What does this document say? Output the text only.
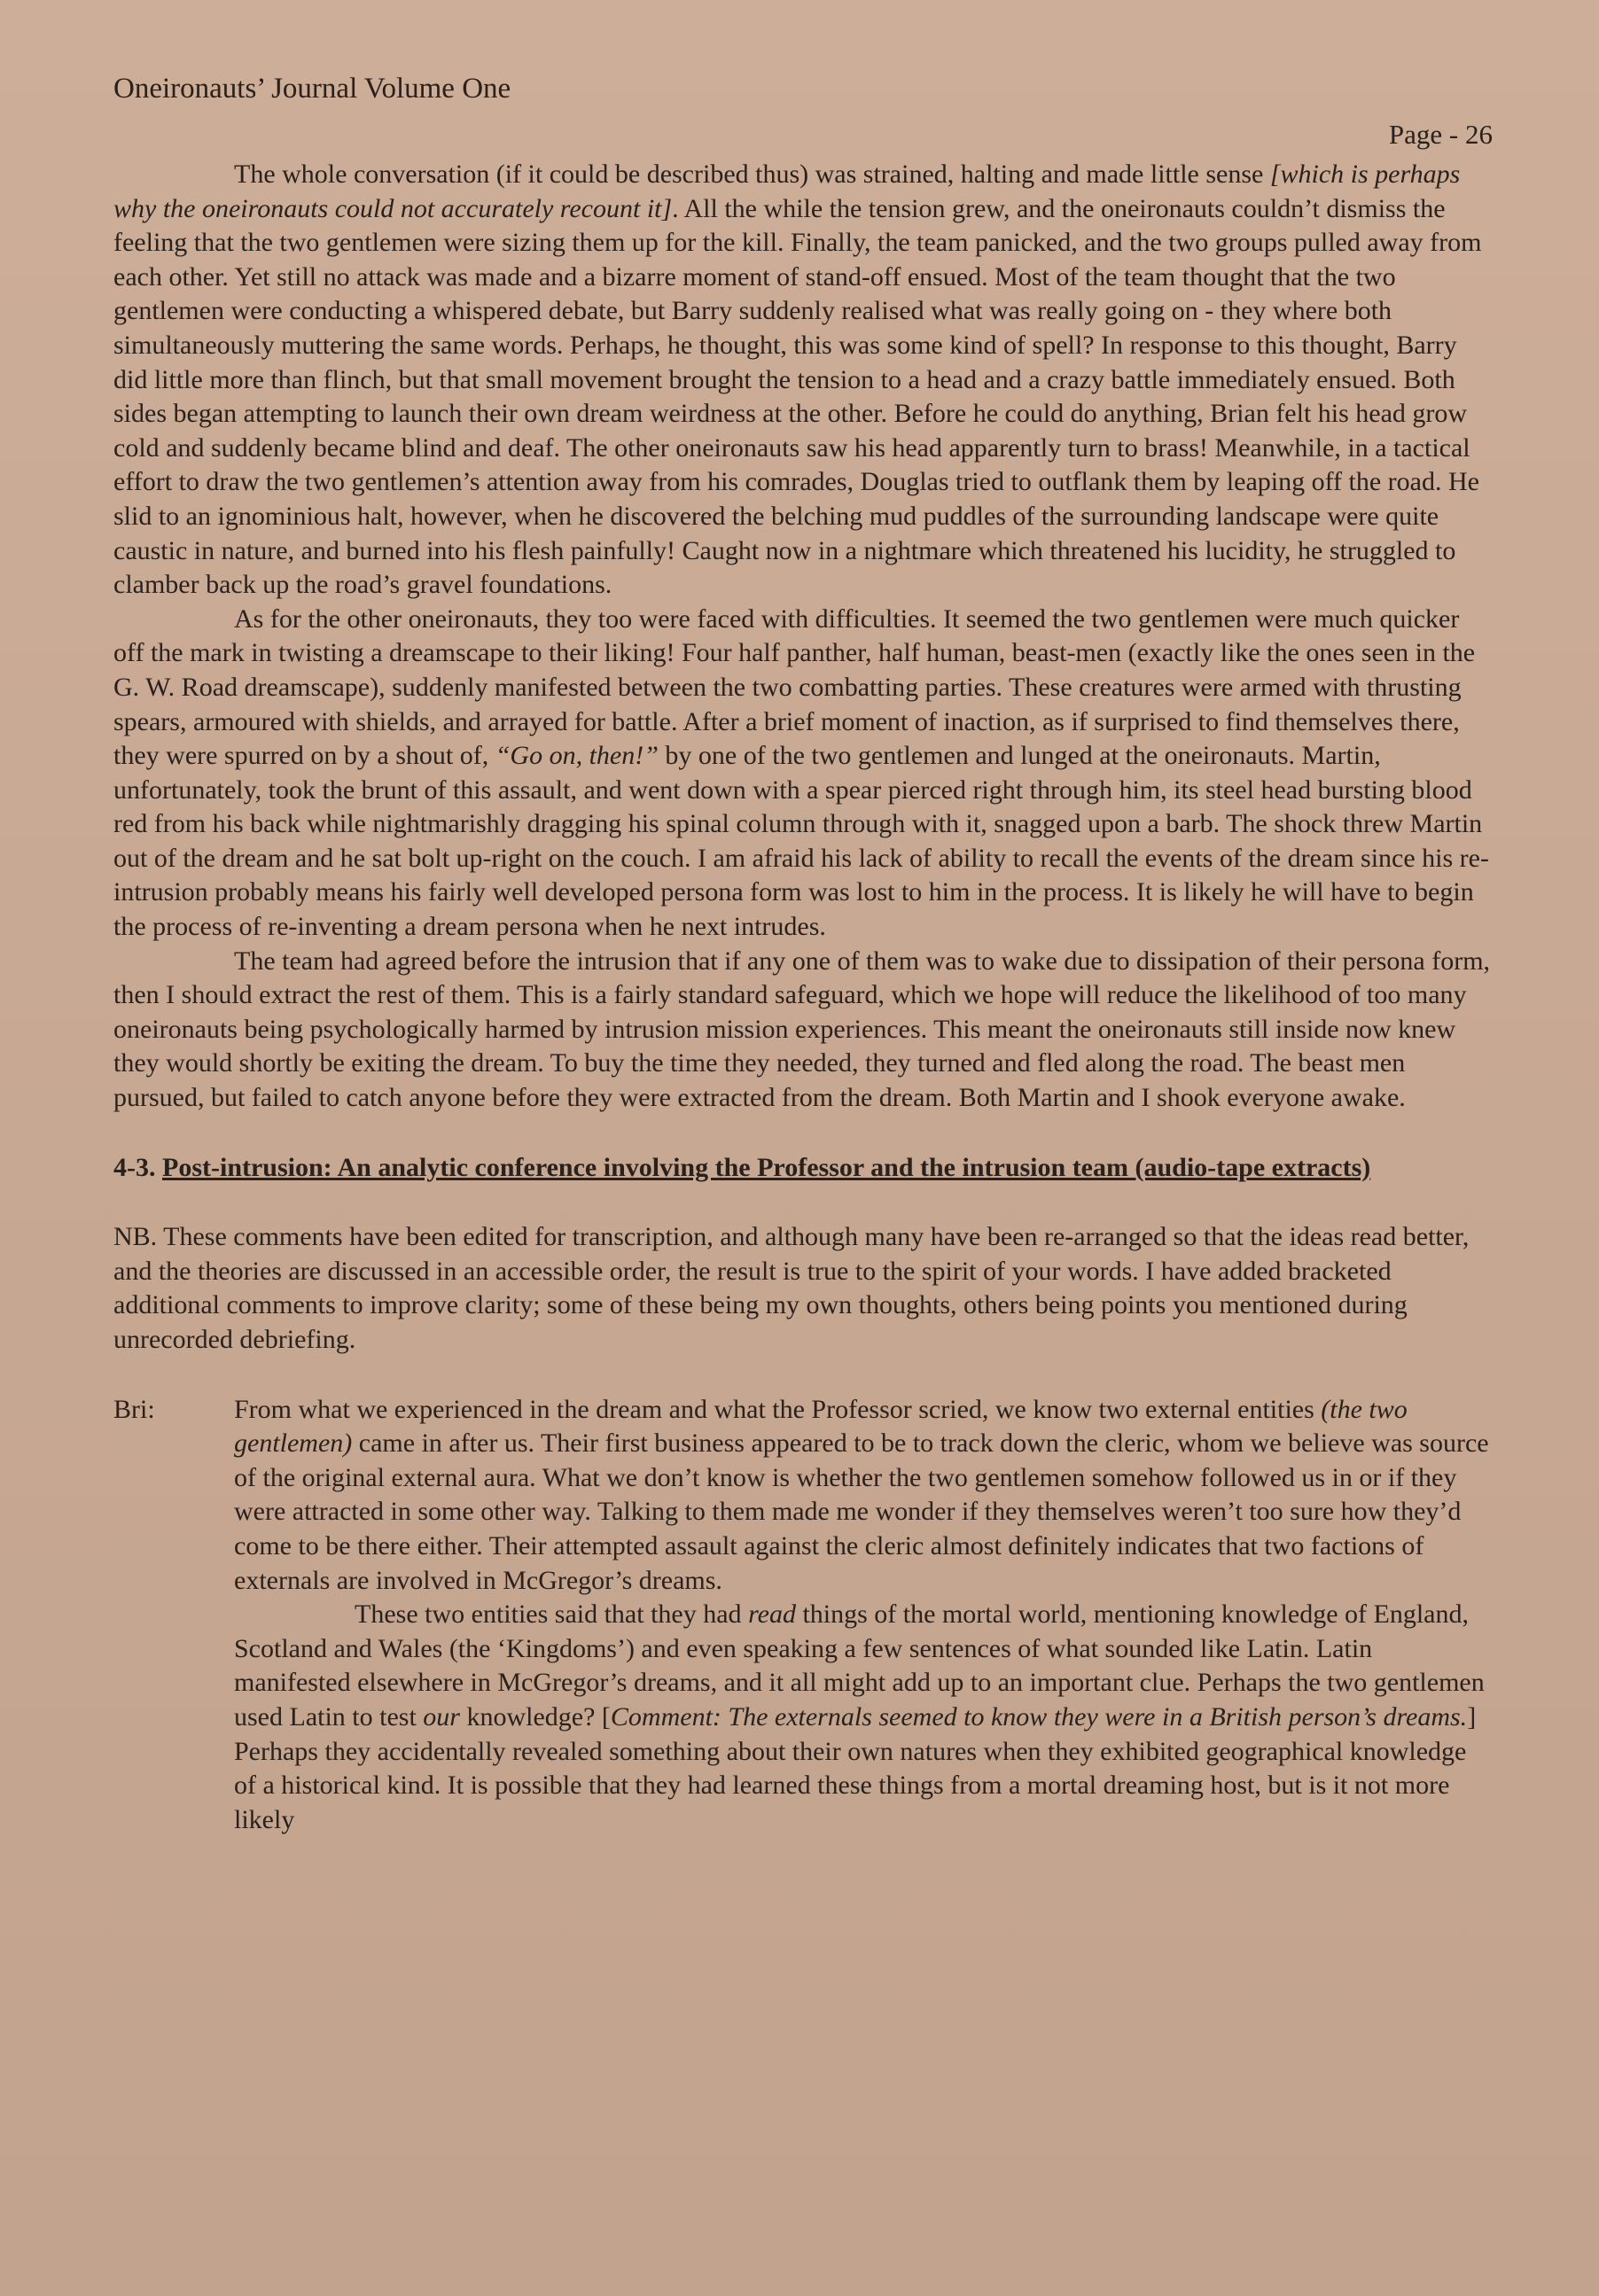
Oneironauts’ Journal Volume One
Page - 26

The whole conversation (if it could be described thus) was strained, halting and made little sense [which is perhaps why the oneironauts could not accurately recount it]. All the while the tension grew, and the oneironauts couldn’t dismiss the feeling that the two gentlemen were sizing them up for the kill. Finally, the team panicked, and the two groups pulled away from each other. Yet still no attack was made and a bizarre moment of stand-off ensued. Most of the team thought that the two gentlemen were conducting a whispered debate, but Barry suddenly realised what was really going on - they where both simultaneously muttering the same words. Perhaps, he thought, this was some kind of spell? In response to this thought, Barry did little more than flinch, but that small movement brought the tension to a head and a crazy battle immediately ensued. Both sides began attempting to launch their own dream weirdness at the other. Before he could do anything, Brian felt his head grow cold and suddenly became blind and deaf. The other oneironauts saw his head apparently turn to brass! Meanwhile, in a tactical effort to draw the two gentlemen’s attention away from his comrades, Douglas tried to outflank them by leaping off the road. He slid to an ignominious halt, however, when he discovered the belching mud puddles of the surrounding landscape were quite caustic in nature, and burned into his flesh painfully! Caught now in a nightmare which threatened his lucidity, he struggled to clamber back up the road’s gravel foundations.

As for the other oneironauts, they too were faced with difficulties. It seemed the two gentlemen were much quicker off the mark in twisting a dreamscape to their liking! Four half panther, half human, beast-men (exactly like the ones seen in the G. W. Road dreamscape), suddenly manifested between the two combatting parties. These creatures were armed with thrusting spears, armoured with shields, and arrayed for battle. After a brief moment of inaction, as if surprised to find themselves there, they were spurred on by a shout of, “Go on, then!” by one of the two gentlemen and lunged at the oneironauts. Martin, unfortunately, took the brunt of this assault, and went down with a spear pierced right through him, its steel head bursting blood red from his back while nightmarishly dragging his spinal column through with it, snagged upon a barb. The shock threw Martin out of the dream and he sat bolt up-right on the couch. I am afraid his lack of ability to recall the events of the dream since his re-intrusion probably means his fairly well developed persona form was lost to him in the process. It is likely he will have to begin the process of re-inventing a dream persona when he next intrudes.

The team had agreed before the intrusion that if any one of them was to wake due to dissipation of their persona form, then I should extract the rest of them. This is a fairly standard safeguard, which we hope will reduce the likelihood of too many oneironauts being psychologically harmed by intrusion mission experiences. This meant the oneironauts still inside now knew they would shortly be exiting the dream. To buy the time they needed, they turned and fled along the road. The beast men pursued, but failed to catch anyone before they were extracted from the dream. Both Martin and I shook everyone awake.

4-3. Post-intrusion: An analytic conference involving the Professor and the intrusion team (audio-tape extracts)

NB. These comments have been edited for transcription, and although many have been re-arranged so that the ideas read better, and the theories are discussed in an accessible order, the result is true to the spirit of your words. I have added bracketed additional comments to improve clarity; some of these being my own thoughts, others being points you mentioned during unrecorded debriefing.

Bri:	From what we experienced in the dream and what the Professor scried, we know two external entities (the two gentlemen) came in after us. Their first business appeared to be to track down the cleric, whom we believe was source of the original external aura. What we don’t know is whether the two gentlemen somehow followed us in or if they were attracted in some other way. Talking to them made me wonder if they themselves weren’t too sure how they’d come to be there either. Their attempted assault against the cleric almost definitely indicates that two factions of externals are involved in McGregor’s dreams.

These two entities said that they had read things of the mortal world, mentioning knowledge of England, Scotland and Wales (the ‘Kingdoms’) and even speaking a few sentences of what sounded like Latin. Latin manifested elsewhere in McGregor’s dreams, and it all might add up to an important clue. Perhaps the two gentlemen used Latin to test our knowledge? [Comment: The externals seemed to know they were in a British person’s dreams.] Perhaps they accidentally revealed something about their own natures when they exhibited geographical knowledge of a historical kind. It is possible that they had learned these things from a mortal dreaming host, but is it not more likely
